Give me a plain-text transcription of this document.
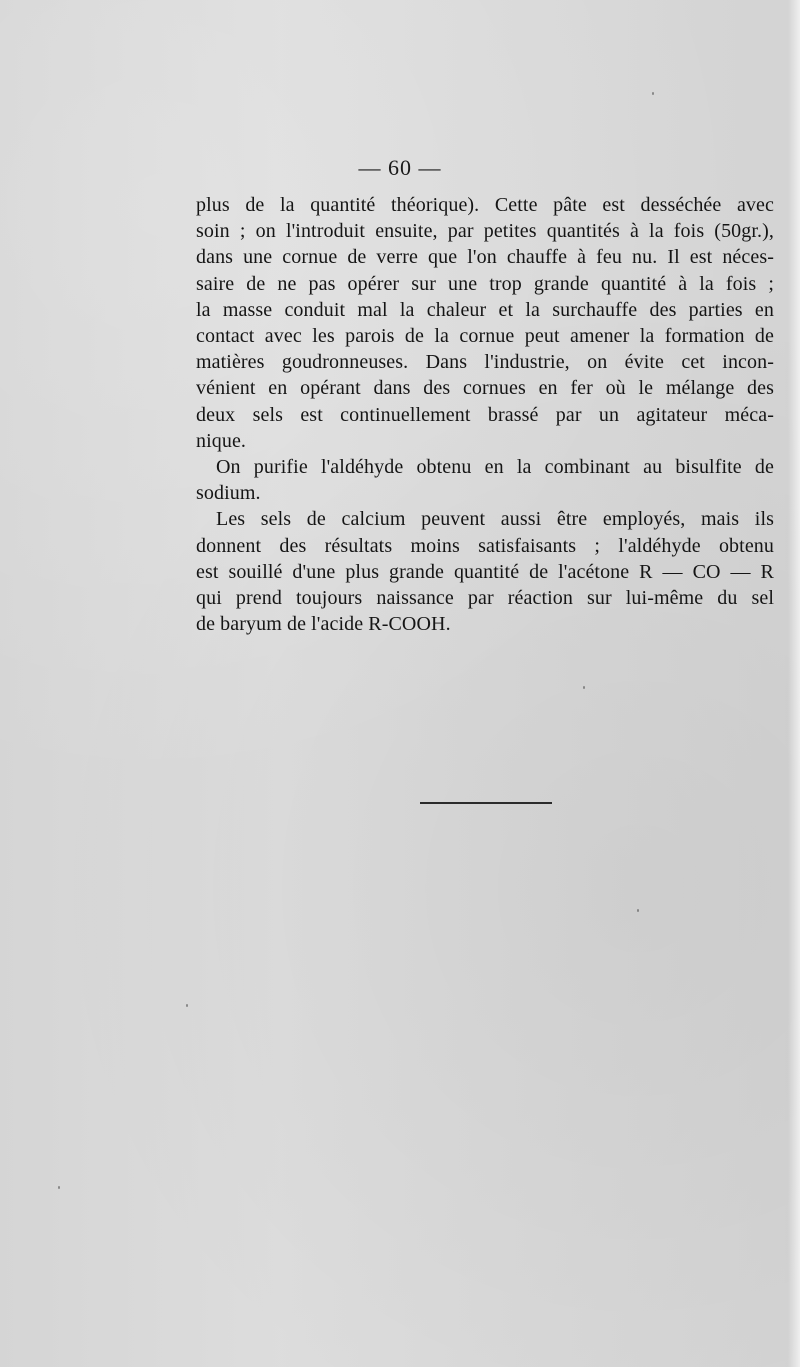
— 60 —

plus de la quantité théorique). Cette pâte est desséchée avec
soin ; on l'introduit ensuite, par petites quantités à la fois (50gr.),
dans une cornue de verre que l'on chauffe à feu nu. Il est néces-
saire de ne pas opérer sur une trop grande quantité à la fois ;
la masse conduit mal la chaleur et la surchauffe des parties en
contact avec les parois de la cornue peut amener la formation de
matières goudronneuses. Dans l'industrie, on évite cet incon-
vénient en opérant dans des cornues en fer où le mélange des
deux sels est continuellement brassé par un agitateur méca-
nique.

On purifie l'aldéhyde obtenu en la combinant au bisulfite de
sodium.

Les sels de calcium peuvent aussi être employés, mais ils
donnent des résultats moins satisfaisants ; l'aldéhyde obtenu
est souillé d'une plus grande quantité de l'acétone R — CO — R
qui prend toujours naissance par réaction sur lui-même du sel
de baryum de l'acide R-COOH.
